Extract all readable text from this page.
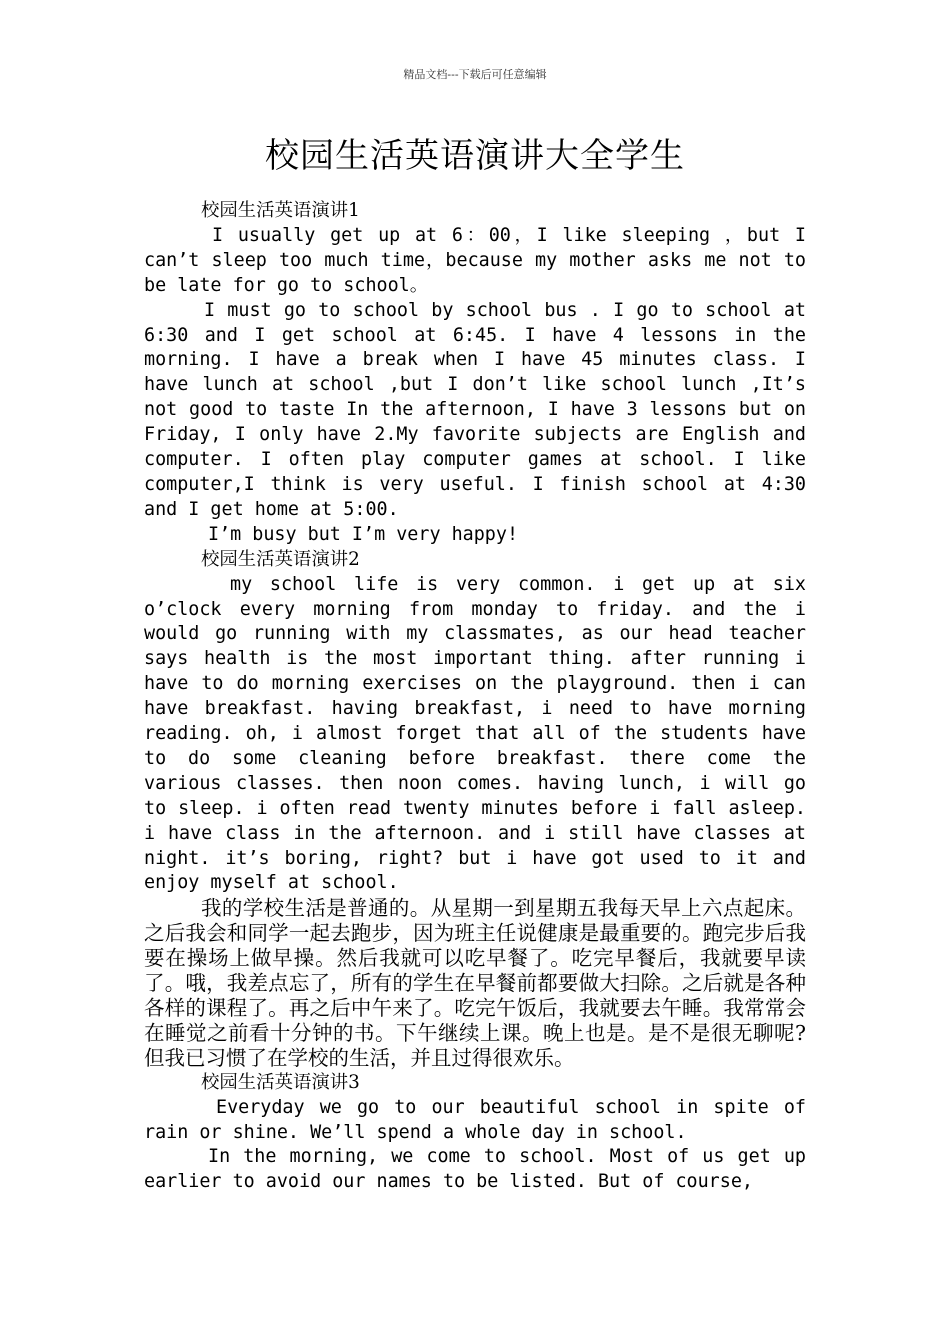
精品文档---下载后可任意编辑
校园生活英语演讲大全学生

校园生活英语演讲1

I usually get up at 6：00，I like sleeping ，but I can’t sleep too much time，because my mother asks me not to be late for go to school。

I must go to school by school bus . I go to school at 6:30 and I get school at 6:45. I have 4 lessons in the morning. I have a break when I have 45 minutes class. I have lunch at school ,but I don’t like school lunch ,It’s not good to taste In the afternoon, I have 3 lessons but on Friday, I only have 2.My favorite subjects are English and computer. I often play computer games at school. I like computer,I think is very useful. I finish school at 4:30 and I get home at 5:00.

I’m busy but I’m very happy!

校园生活英语演讲2

my school life is very common. i get up at six o’clock every morning from monday to friday. and the i would go running with my classmates, as our head teacher says health is the most important thing. after running i have to do morning exercises on the playground. then i can have breakfast. having breakfast, i need to have morning reading. oh, i almost forget that all of the students have to do some cleaning before breakfast. there come the various classes. then noon comes. having lunch, i will go to sleep. i often read twenty minutes before i fall asleep. i have class in the afternoon. and i still have classes at night. it’s boring, right? but i have got used to it and enjoy myself at school.

我的学校生活是普通的。从星期一到星期五我每天早上六点起床。之后我会和同学一起去跑步，因为班主任说健康是最重要的。跑完步后我要在操场上做早操。然后我就可以吃早餐了。吃完早餐后，我就要早读了。哦，我差点忘了，所有的学生在早餐前都要做大扫除。之后就是各种各样的课程了。再之后中午来了。吃完午饭后，我就要去午睡。我常常会在睡觉之前看十分钟的书。下午继续上课。晚上也是。是不是很无聊呢?但我已习惯了在学校的生活，并且过得很欢乐。

校园生活英语演讲3

Everyday we go to our beautiful school in spite of rain or shine. We’ll spend a whole day in school.

In the morning, we come to school. Most of us get up earlier to avoid our names to be listed. But of course,
